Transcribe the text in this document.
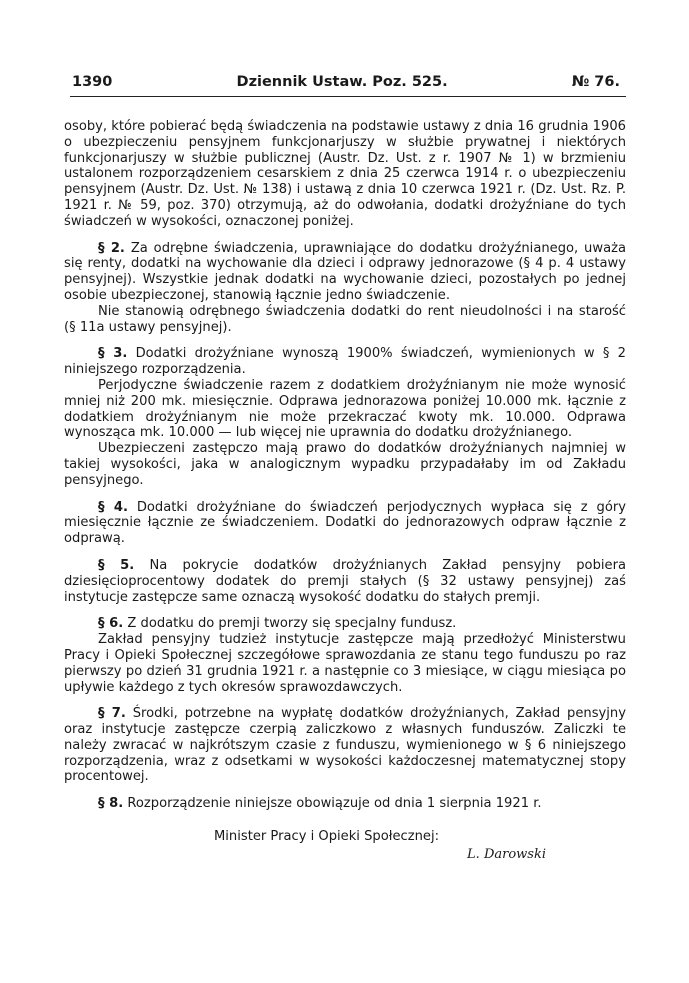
1390	Dziennik Ustaw. Poz. 525.	№ 76.

osoby, które pobierać będą świadczenia na podstawie ustawy z dnia 16 grudnia 1906 o ubezpieczeniu pensyjnem funkcjonarjuszy w służbie prywatnej i niektórych funkcjonarjuszy w służbie publicznej (Austr. Dz. Ust. z r. 1907 № 1) w brzmieniu ustalonem rozporządzeniem cesarskiem z dnia 25 czerwca 1914 r. o ubezpieczeniu pensyjnem (Austr. Dz. Ust. № 138) i ustawą z dnia 10 czerwca 1921 r. (Dz. Ust. Rz. P. 1921 r. № 59, poz. 370) otrzymują, aż do odwołania, dodatki drożyźniane do tych świadczeń w wysokości, oznaczonej poniżej.

§ 2. Za odrębne świadczenia, uprawniające do dodatku drożyźnianego, uważa się renty, dodatki na wychowanie dla dzieci i odprawy jednorazowe (§ 4 p. 4 ustawy pensyjnej). Wszystkie jednak dodatki na wychowanie dzieci, pozostałych po jednej osobie ubezpieczonej, stanowią łącznie jedno świadczenie.

Nie stanowią odrębnego świadczenia dodatki do rent nieudolności i na starość (§ 11a ustawy pensyjnej).

§ 3. Dodatki drożyźniane wynoszą 1900% świadczeń, wymienionych w § 2 niniejszego rozporządzenia.

Perjodyczne świadczenie razem z dodatkiem drożyźnianym nie może wynosić mniej niż 200 mk. miesięcznie. Odprawa jednorazowa poniżej 10.000 mk. łącznie z dodatkiem drożyźnianym nie może przekraczać kwoty mk. 10.000. Odprawa wynosząca mk. 10.000 — lub więcej nie uprawnia do dodatku drożyźnianego.

Ubezpieczeni zastępczo mają prawo do dodatków drożyźnianych najmniej w takiej wysokości, jaka w analogicznym wypadku przypadałaby im od Zakładu pensyjnego.

§ 4. Dodatki drożyźniane do świadczeń perjodycznych wypłaca się z góry miesięcznie łącznie ze świadczeniem. Dodatki do jednorazowych odpraw łącznie z odprawą.

§ 5. Na pokrycie dodatków drożyźnianych Zakład pensyjny pobiera dziesięcioprocentowy dodatek do premji stałych (§ 32 ustawy pensyjnej) zaś instytucje zastępcze same oznaczą wysokość dodatku do stałych premji.

§ 6. Z dodatku do premji tworzy się specjalny fundusz.

Zakład pensyjny tudzież instytucje zastępcze mają przedłożyć Ministerstwu Pracy i Opieki Społecznej szczegółowe sprawozdania ze stanu tego funduszu po raz pierwszy po dzień 31 grudnia 1921 r. a następnie co 3 miesiące, w ciągu miesiąca po upływie każdego z tych okresów sprawozdawczych.

§ 7. Środki, potrzebne na wypłatę dodatków drożyźnianych, Zakład pensyjny oraz instytucje zastępcze czerpią zaliczkowo z własnych funduszów. Zaliczki te należy zwracać w najkrótszym czasie z funduszu, wymienionego w § 6 niniejszego rozporządzenia, wraz z odsetkami w wysokości każdoczesnej matematycznej stopy procentowej.

§ 8. Rozporządzenie niniejsze obowiązuje od dnia 1 sierpnia 1921 r.

Minister Pracy i Opieki Społecznej:
L. Darowski
